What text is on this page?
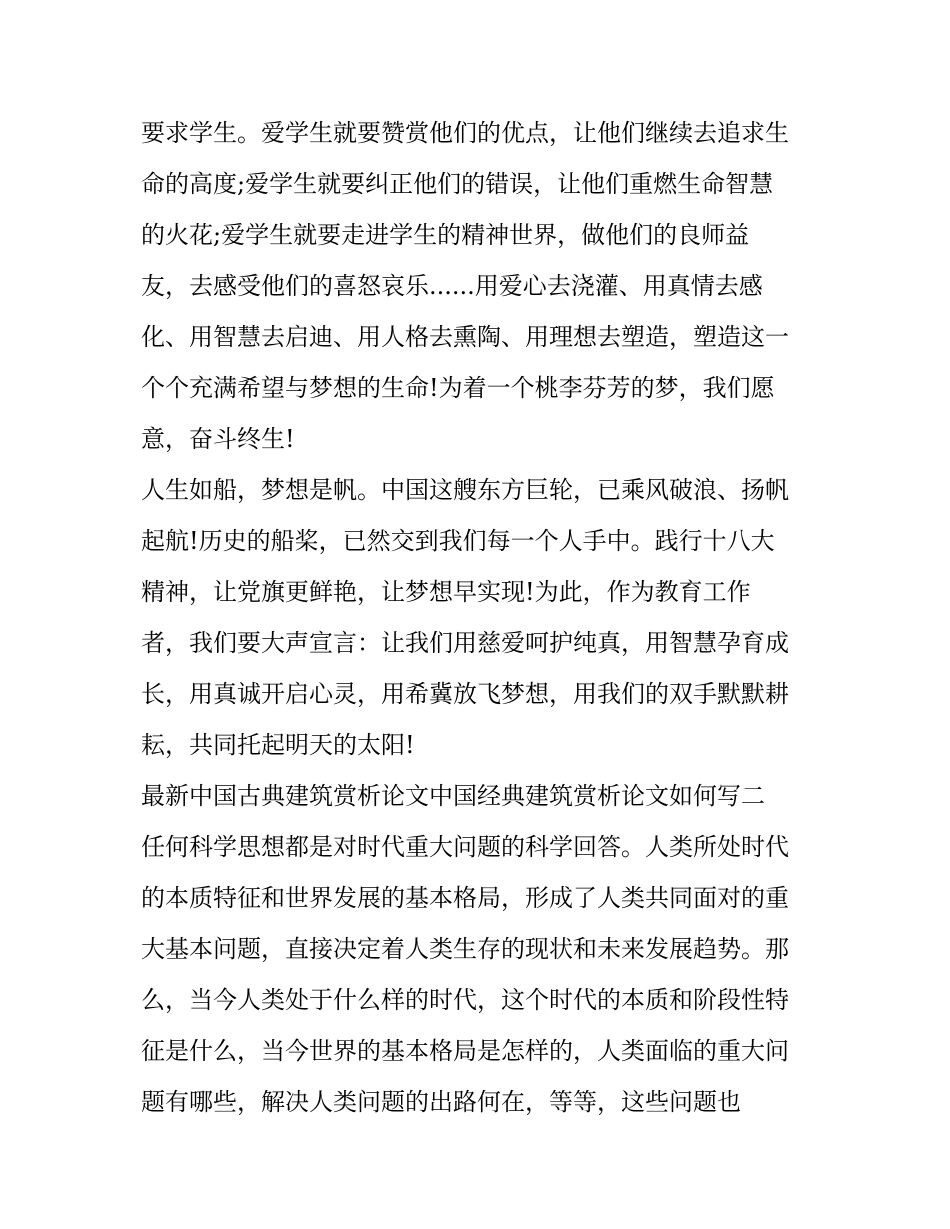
要求学生。爱学生就要赞赏他们的优点，让他们继续去追求生
命的高度;爱学生就要纠正他们的错误，让他们重燃生命智慧
的火花;爱学生就要走进学生的精神世界，做他们的良师益
友，去感受他们的喜怒哀乐......用爱心去浇灌、用真情去感
化、用智慧去启迪、用人格去熏陶、用理想去塑造，塑造这一
个个充满希望与梦想的生命!为着一个桃李芬芳的梦，我们愿
意，奋斗终生!
人生如船，梦想是帆。中国这艘东方巨轮，已乘风破浪、扬帆
起航!历史的船桨，已然交到我们每一个人手中。践行十八大
精神，让党旗更鲜艳，让梦想早实现!为此，作为教育工作
者，我们要大声宣言：让我们用慈爱呵护纯真，用智慧孕育成
长，用真诚开启心灵，用希冀放飞梦想，用我们的双手默默耕
耘，共同托起明天的太阳!
最新中国古典建筑赏析论文中国经典建筑赏析论文如何写二
任何科学思想都是对时代重大问题的科学回答。人类所处时代
的本质特征和世界发展的基本格局，形成了人类共同面对的重
大基本问题，直接决定着人类生存的现状和未来发展趋势。那
么，当今人类处于什么样的时代，这个时代的本质和阶段性特
征是什么，当今世界的基本格局是怎样的，人类面临的重大问
题有哪些，解决人类问题的出路何在，等等，这些问题也
